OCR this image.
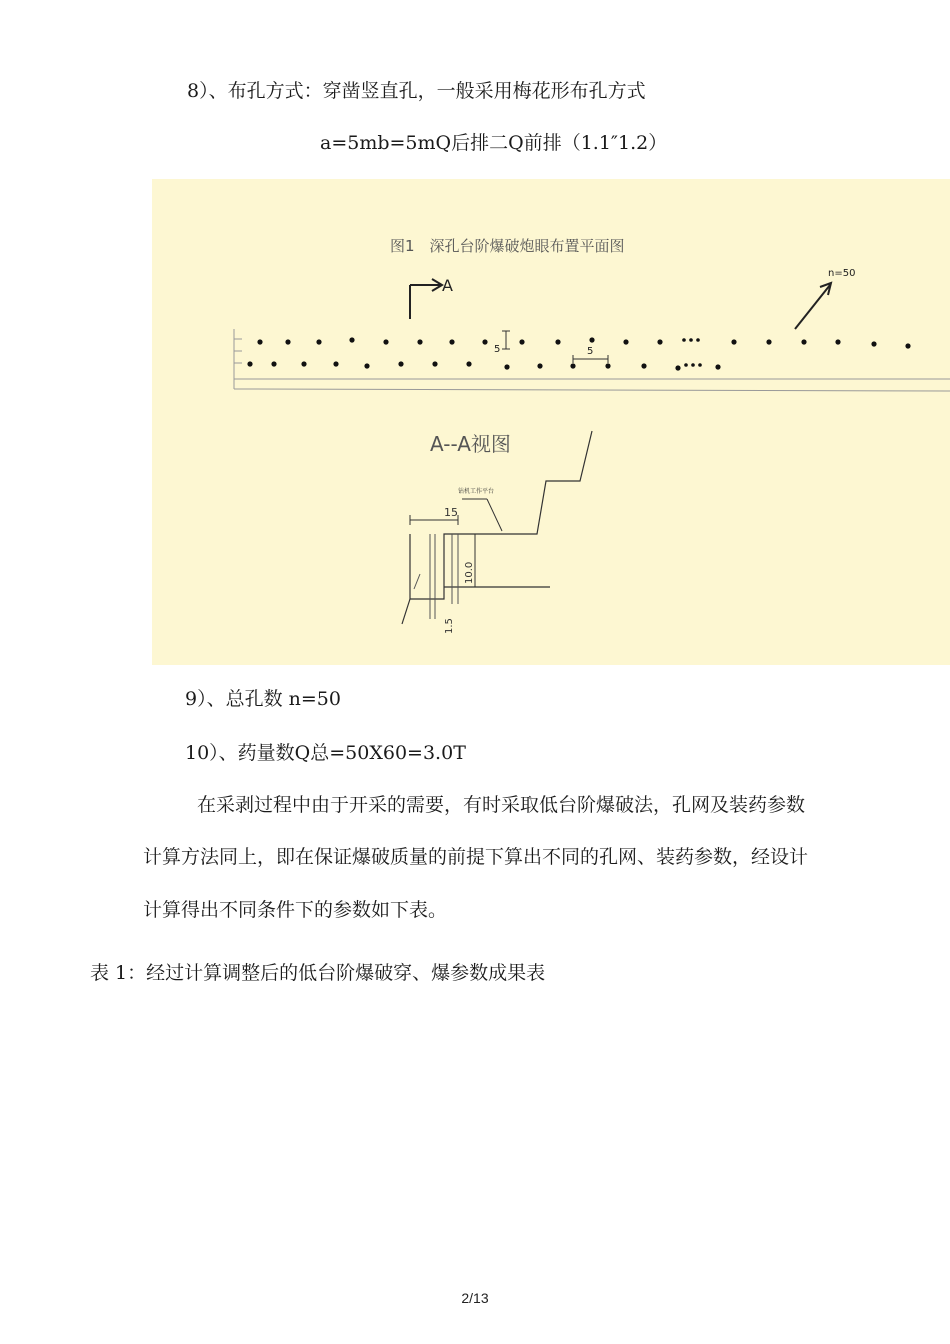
8）、布孔方式：穿凿竖直孔，一般采用梅花形布孔方式
a=5mb=5mQ后排二Q前排（1.1″1.2）
图1　深孔台阶爆破炮眼布置平面图
A
n=50
5	5
A--A视图
钻机工作平台
15
10.0
1.5
9）、总孔数 n=50
10）、药量数Q总=50X60=3.0T
在采剥过程中由于开采的需要，有时采取低台阶爆破法，孔网及装药参数
计算方法同上，即在保证爆破质量的前提下算出不同的孔网、装药参数，经设计
计算得出不同条件下的参数如下表。
表 1：经过计算调整后的低台阶爆破穿、爆参数成果表
2/13
